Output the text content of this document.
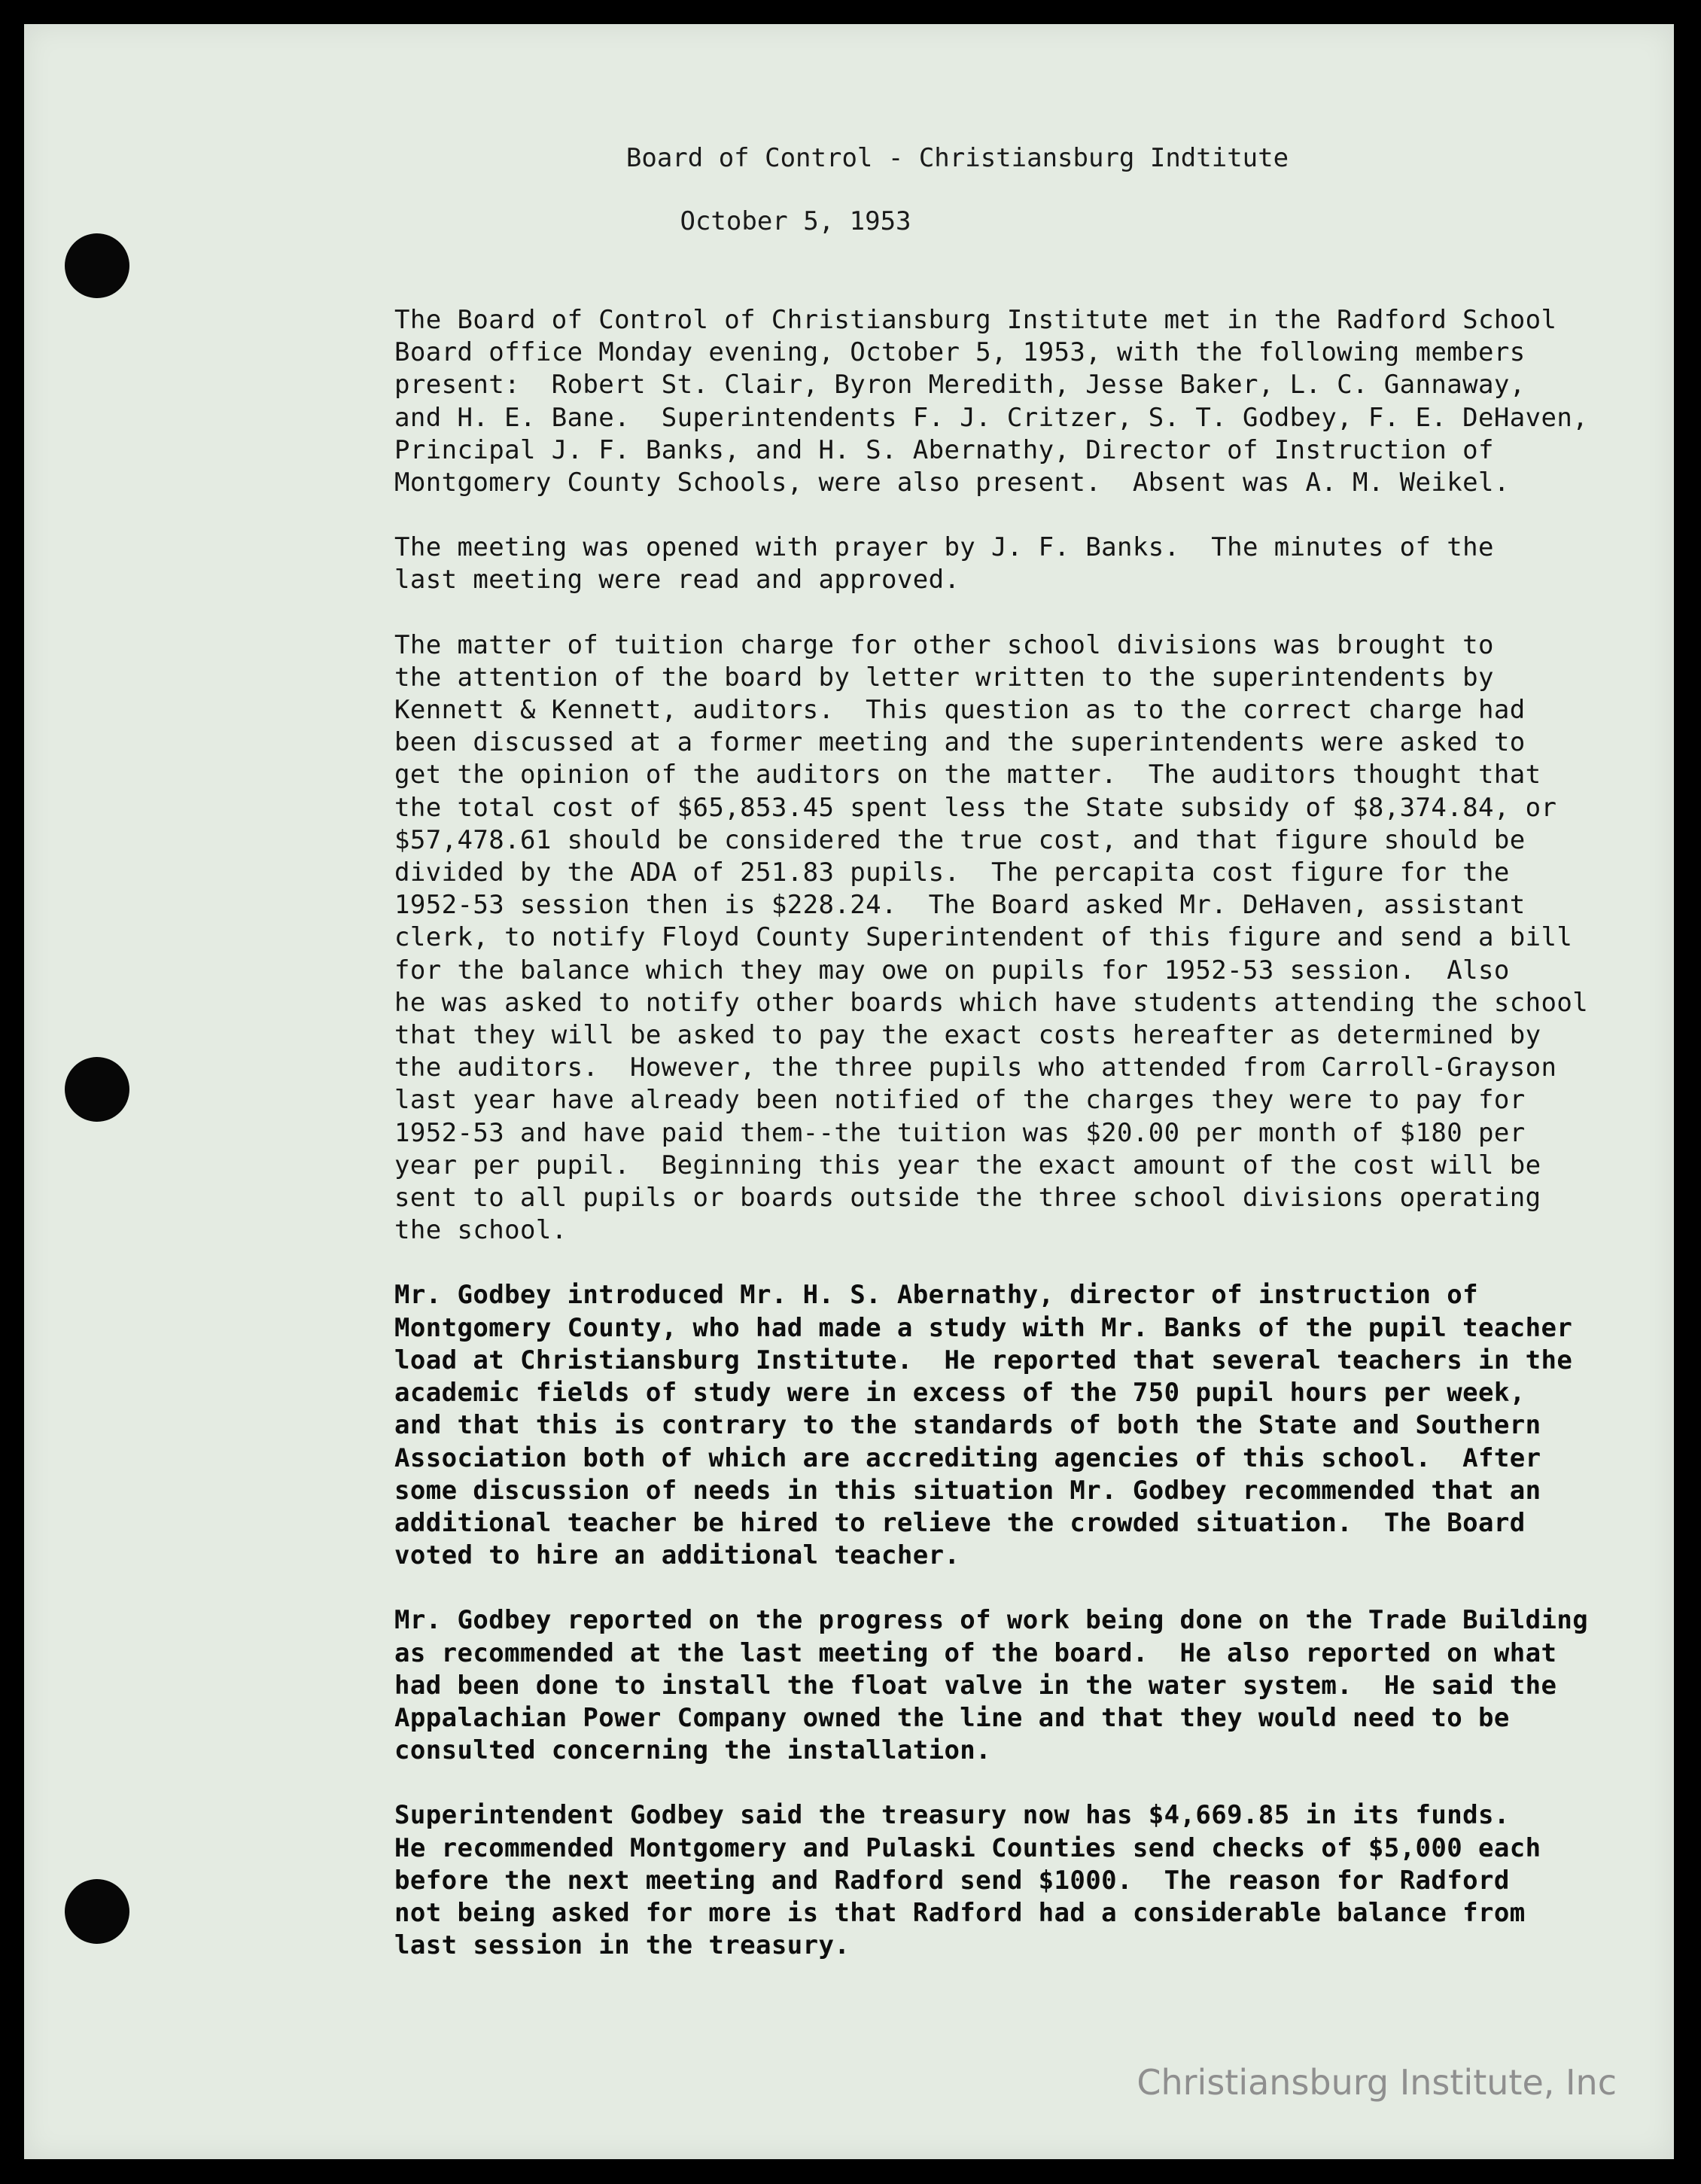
Board of Control - Christiansburg Indtitute
October 5, 1953

The Board of Control of Christiansburg Institute met in the Radford School
Board office Monday evening, October 5, 1953, with the following members
present:  Robert St. Clair, Byron Meredith, Jesse Baker, L. C. Gannaway,
and H. E. Bane.  Superintendents F. J. Critzer, S. T. Godbey, F. E. DeHaven,
Principal J. F. Banks, and H. S. Abernathy, Director of Instruction of
Montgomery County Schools, were also present.  Absent was A. M. Weikel.

The meeting was opened with prayer by J. F. Banks.  The minutes of the
last meeting were read and approved.

The matter of tuition charge for other school divisions was brought to
the attention of the board by letter written to the superintendents by
Kennett & Kennett, auditors.  This question as to the correct charge had
been discussed at a former meeting and the superintendents were asked to
get the opinion of the auditors on the matter.  The auditors thought that
the total cost of $65,853.45 spent less the State subsidy of $8,374.84, or
$57,478.61 should be considered the true cost, and that figure should be
divided by the ADA of 251.83 pupils.  The percapita cost figure for the
1952-53 session then is $228.24.  The Board asked Mr. DeHaven, assistant
clerk, to notify Floyd County Superintendent of this figure and send a bill
for the balance which they may owe on pupils for 1952-53 session.  Also
he was asked to notify other boards which have students attending the school
that they will be asked to pay the exact costs hereafter as determined by
the auditors.  However, the three pupils who attended from Carroll-Grayson
last year have already been notified of the charges they were to pay for
1952-53 and have paid them--the tuition was $20.00 per month of $180 per
year per pupil.  Beginning this year the exact amount of the cost will be
sent to all pupils or boards outside the three school divisions operating
the school.

Mr. Godbey introduced Mr. H. S. Abernathy, director of instruction of
Montgomery County, who had made a study with Mr. Banks of the pupil teacher
load at Christiansburg Institute.  He reported that several teachers in the
academic fields of study were in excess of the 750 pupil hours per week,
and that this is contrary to the standards of both the State and Southern
Association both of which are accrediting agencies of this school.  After
some discussion of needs in this situation Mr. Godbey recommended that an
additional teacher be hired to relieve the crowded situation.  The Board
voted to hire an additional teacher.

Mr. Godbey reported on the progress of work being done on the Trade Building
as recommended at the last meeting of the board.  He also reported on what
had been done to install the float valve in the water system.  He said the
Appalachian Power Company owned the line and that they would need to be
consulted concerning the installation.

Superintendent Godbey said the treasury now has $4,669.85 in its funds.
He recommended Montgomery and Pulaski Counties send checks of $5,000 each
before the next meeting and Radford send $1000.  The reason for Radford
not being asked for more is that Radford had a considerable balance from
last session in the treasury.

Christiansburg Institute, Inc
